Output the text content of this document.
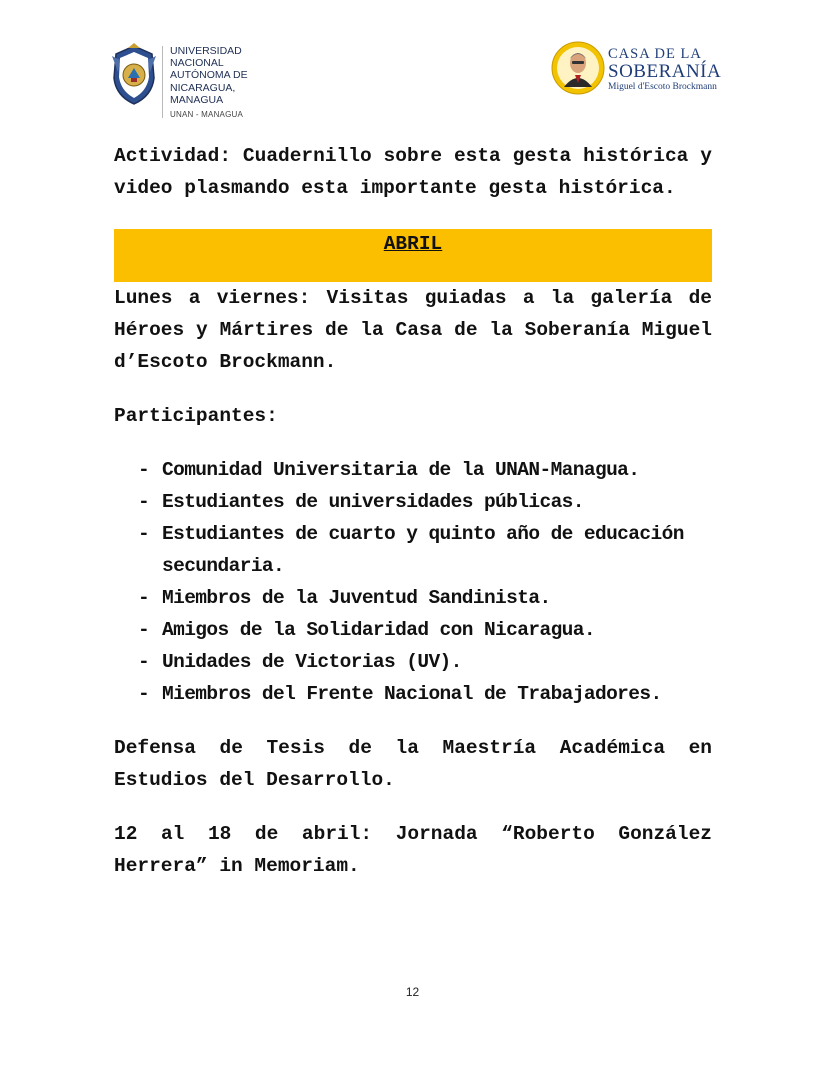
UNIVERSIDAD
NACIONAL
AUTÓNOMA DE
NICARAGUA,
MANAGUA
UNAN - MANAGUA
CASA DE LA
SOBERANÍA
Miguel d'Escoto Brockmann

Actividad: Cuadernillo sobre esta gesta histórica y video plasmando esta importante gesta histórica.

ABRIL

Lunes a viernes: Visitas guiadas a la galería de Héroes y Mártires de la Casa de la Soberanía Miguel d’Escoto Brockmann.

Participantes:

- Comunidad Universitaria de la UNAN-Managua.
- Estudiantes de universidades públicas.
- Estudiantes de cuarto y quinto año de educación secundaria.
- Miembros de la Juventud Sandinista.
- Amigos de la Solidaridad con Nicaragua.
- Unidades de Victorias (UV).
- Miembros del Frente Nacional de Trabajadores.

Defensa de Tesis de la Maestría Académica en Estudios del Desarrollo.

12 al 18 de abril: Jornada “Roberto González Herrera” in Memoriam.

12
